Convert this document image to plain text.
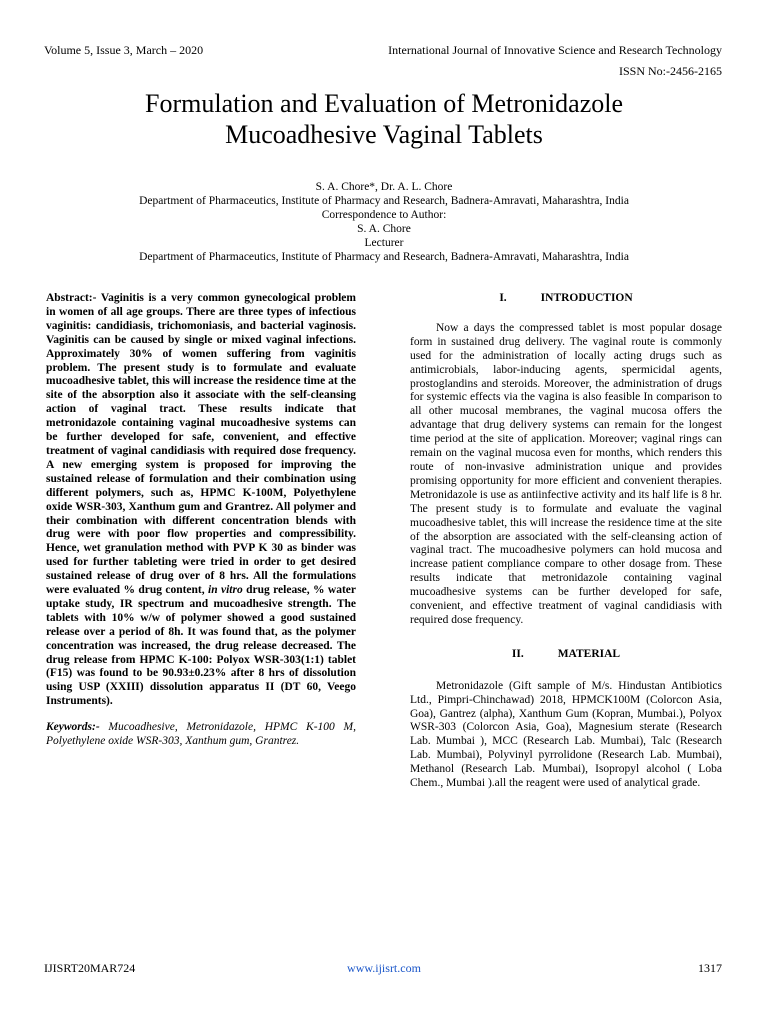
Volume 5, Issue 3, March – 2020	International Journal of Innovative Science and Research Technology
ISSN No:-2456-2165
Formulation and Evaluation of Metronidazole
Mucoadhesive Vaginal Tablets
S. A. Chore*, Dr. A. L. Chore
Department of Pharmaceutics, Institute of Pharmacy and Research, Badnera-Amravati, Maharashtra, India
Correspondence to Author:
S. A. Chore
Lecturer
Department of Pharmaceutics, Institute of Pharmacy and Research, Badnera-Amravati, Maharashtra, India

Abstract:- Vaginitis is a very common gynecological problem in women of all age groups. There are three types of infectious vaginitis: candidiasis, trichomoniasis, and bacterial vaginosis. Vaginitis can be caused by single or mixed vaginal infections. Approximately 30% of women suffering from vaginitis problem. The present study is to formulate and evaluate mucoadhesive tablet, this will increase the residence time at the site of the absorption also it associate with the self-cleansing action of vaginal tract. These results indicate that metronidazole containing vaginal mucoadhesive systems can be further developed for safe, convenient, and effective treatment of vaginal candidiasis with required dose frequency. A new emerging system is proposed for improving the sustained release of formulation and their combination using different polymers, such as, HPMC K-100M, Polyethylene oxide WSR-303, Xanthum gum and Grantrez. All polymer and their combination with different concentration blends with drug were with poor flow properties and compressibility. Hence, wet granulation method with PVP K 30 as binder was used for further tableting were tried in order to get desired sustained release of drug over of 8 hrs. All the formulations were evaluated % drug content, in vitro drug release, % water uptake study, IR spectrum and mucoadhesive strength. The tablets with 10% w/w of polymer showed a good sustained release over a period of 8h. It was found that, as the polymer concentration was increased, the drug release decreased. The drug release from HPMC K-100: Polyox WSR-303(1:1) tablet (F15) was found to be 90.93±0.23% after 8 hrs of dissolution using USP (XXIII) dissolution apparatus II (DT 60, Veego Instruments).

Keywords:- Mucoadhesive, Metronidazole, HPMC K-100 M, Polyethylene oxide WSR-303, Xanthum gum, Grantrez.

I.	INTRODUCTION

Now a days the compressed tablet is most popular dosage form in sustained drug delivery. The vaginal route is commonly used for the administration of locally acting drugs such as antimicrobials, labor-inducing agents, spermicidal agents, prostoglandins and steroids. Moreover, the administration of drugs for systemic effects via the vagina is also feasible In comparison to all other mucosal membranes, the vaginal mucosa offers the advantage that drug delivery systems can remain for the longest time period at the site of application. Moreover; vaginal rings can remain on the vaginal mucosa even for months, which renders this route of non-invasive administration unique and provides promising opportunity for more efficient and convenient therapies. Metronidazole is use as antiinfective activity and its half life is 8 hr. The present study is to formulate and evaluate the vaginal mucoadhesive tablet, this will increase the residence time at the site of the absorption are associated with the self-cleansing action of vaginal tract. The mucoadhesive polymers can hold mucosa and increase patient compliance compare to other dosage from. These results indicate that metronidazole containing vaginal mucoadhesive systems can be further developed for safe, convenient, and effective treatment of vaginal candidiasis with required dose frequency.

II.	MATERIAL

Metronidazole (Gift sample of M/s. Hindustan Antibiotics Ltd., Pimpri-Chinchawad) 2018, HPMCK100M (Colorcon Asia, Goa), Gantrez (alpha), Xanthum Gum (Kopran, Mumbai.), Polyox WSR-303 (Colorcon Asia, Goa), Magnesium sterate (Research Lab. Mumbai ), MCC (Research Lab. Mumbai), Talc (Research Lab. Mumbai), Polyvinyl pyrrolidone (Research Lab. Mumbai), Methanol (Research Lab. Mumbai), Isopropyl alcohol ( Loba Chem., Mumbai ).all the reagent were used of analytical grade.

IJISRT20MAR724	www.ijisrt.com	1317
